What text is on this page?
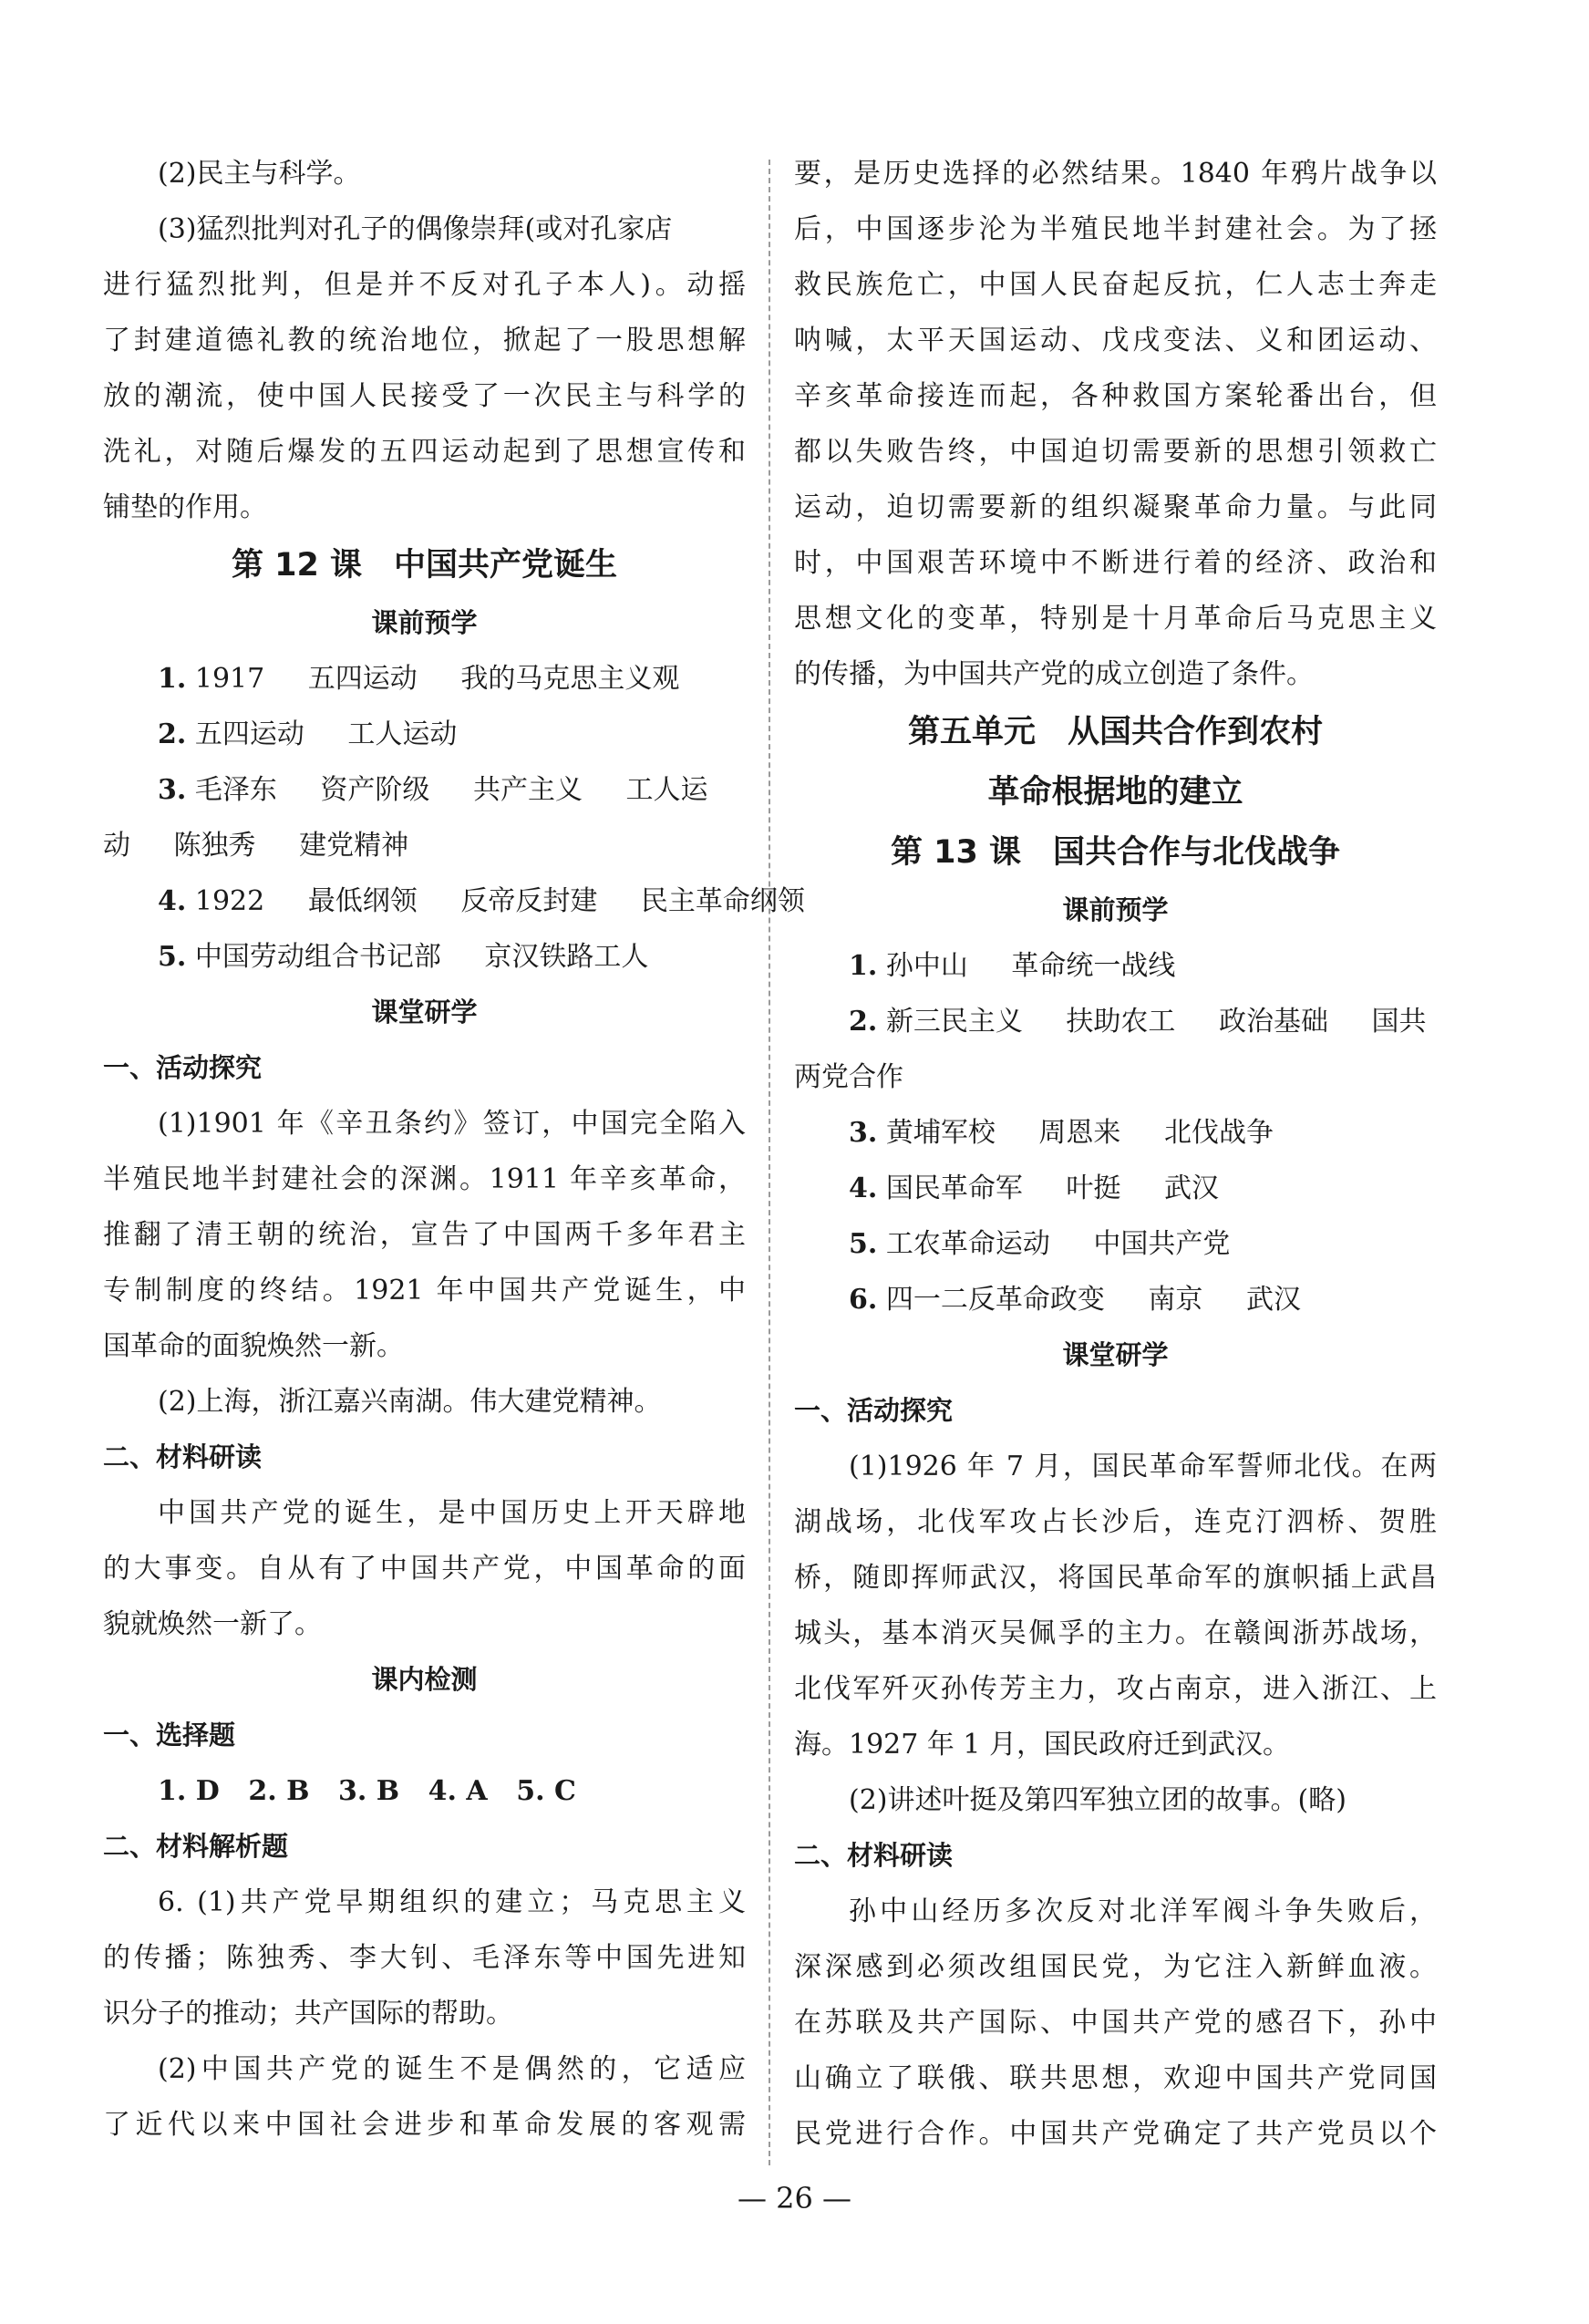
(2)民主与科学。
(3)猛烈批判对孔子的偶像崇拜(或对孔家店
进行猛烈批判，但是并不反对孔子本人)。动摇
了封建道德礼教的统治地位，掀起了一股思想解
放的潮流，使中国人民接受了一次民主与科学的
洗礼，对随后爆发的五四运动起到了思想宣传和
铺垫的作用。
第 12 课　中国共产党诞生
课前预学
1. 1917 五四运动 我的马克思主义观
2. 五四运动 工人运动
3. 毛泽东 资产阶级 共产主义 工人运
动 陈独秀 建党精神
4. 1922 最低纲领 反帝反封建 民主革命纲领
5. 中国劳动组合书记部 京汉铁路工人
课堂研学
一、活动探究
(1)1901 年《辛丑条约》签订，中国完全陷入
半殖民地半封建社会的深渊。1911 年辛亥革命，
推翻了清王朝的统治，宣告了中国两千多年君主
专制制度的终结。1921 年中国共产党诞生，中
国革命的面貌焕然一新。
(2)上海，浙江嘉兴南湖。伟大建党精神。
二、材料研读
中国共产党的诞生，是中国历史上开天辟地
的大事变。自从有了中国共产党，中国革命的面
貌就焕然一新了。
课内检测
一、选择题
1. D 2. B 3. B 4. A 5. C
二、材料解析题
6. (1)共产党早期组织的建立；马克思主义
的传播；陈独秀、李大钊、毛泽东等中国先进知
识分子的推动；共产国际的帮助。
(2)中国共产党的诞生不是偶然的，它适应
了近代以来中国社会进步和革命发展的客观需
要，是历史选择的必然结果。1840 年鸦片战争以
后，中国逐步沦为半殖民地半封建社会。为了拯
救民族危亡，中国人民奋起反抗，仁人志士奔走
呐喊，太平天国运动、戊戌变法、义和团运动、
辛亥革命接连而起，各种救国方案轮番出台，但
都以失败告终，中国迫切需要新的思想引领救亡
运动，迫切需要新的组织凝聚革命力量。与此同
时，中国艰苦环境中不断进行着的经济、政治和
思想文化的变革，特别是十月革命后马克思主义
的传播，为中国共产党的成立创造了条件。
第五单元　从国共合作到农村
革命根据地的建立
第 13 课　国共合作与北伐战争
课前预学
1. 孙中山 革命统一战线
2. 新三民主义 扶助农工 政治基础 国共
两党合作
3. 黄埔军校 周恩来 北伐战争
4. 国民革命军 叶挺 武汉
5. 工农革命运动 中国共产党
6. 四一二反革命政变 南京 武汉
课堂研学
一、活动探究
(1)1926 年 7 月，国民革命军誓师北伐。在两
湖战场，北伐军攻占长沙后，连克汀泗桥、贺胜
桥，随即挥师武汉，将国民革命军的旗帜插上武昌
城头，基本消灭吴佩孚的主力。在赣闽浙苏战场，
北伐军歼灭孙传芳主力，攻占南京，进入浙江、上
海。1927 年 1 月，国民政府迁到武汉。
(2)讲述叶挺及第四军独立团的故事。(略)
二、材料研读
孙中山经历多次反对北洋军阀斗争失败后，
深深感到必须改组国民党，为它注入新鲜血液。
在苏联及共产国际、中国共产党的感召下，孙中
山确立了联俄、联共思想，欢迎中国共产党同国
民党进行合作。中国共产党确定了共产党员以个
— 26 —
